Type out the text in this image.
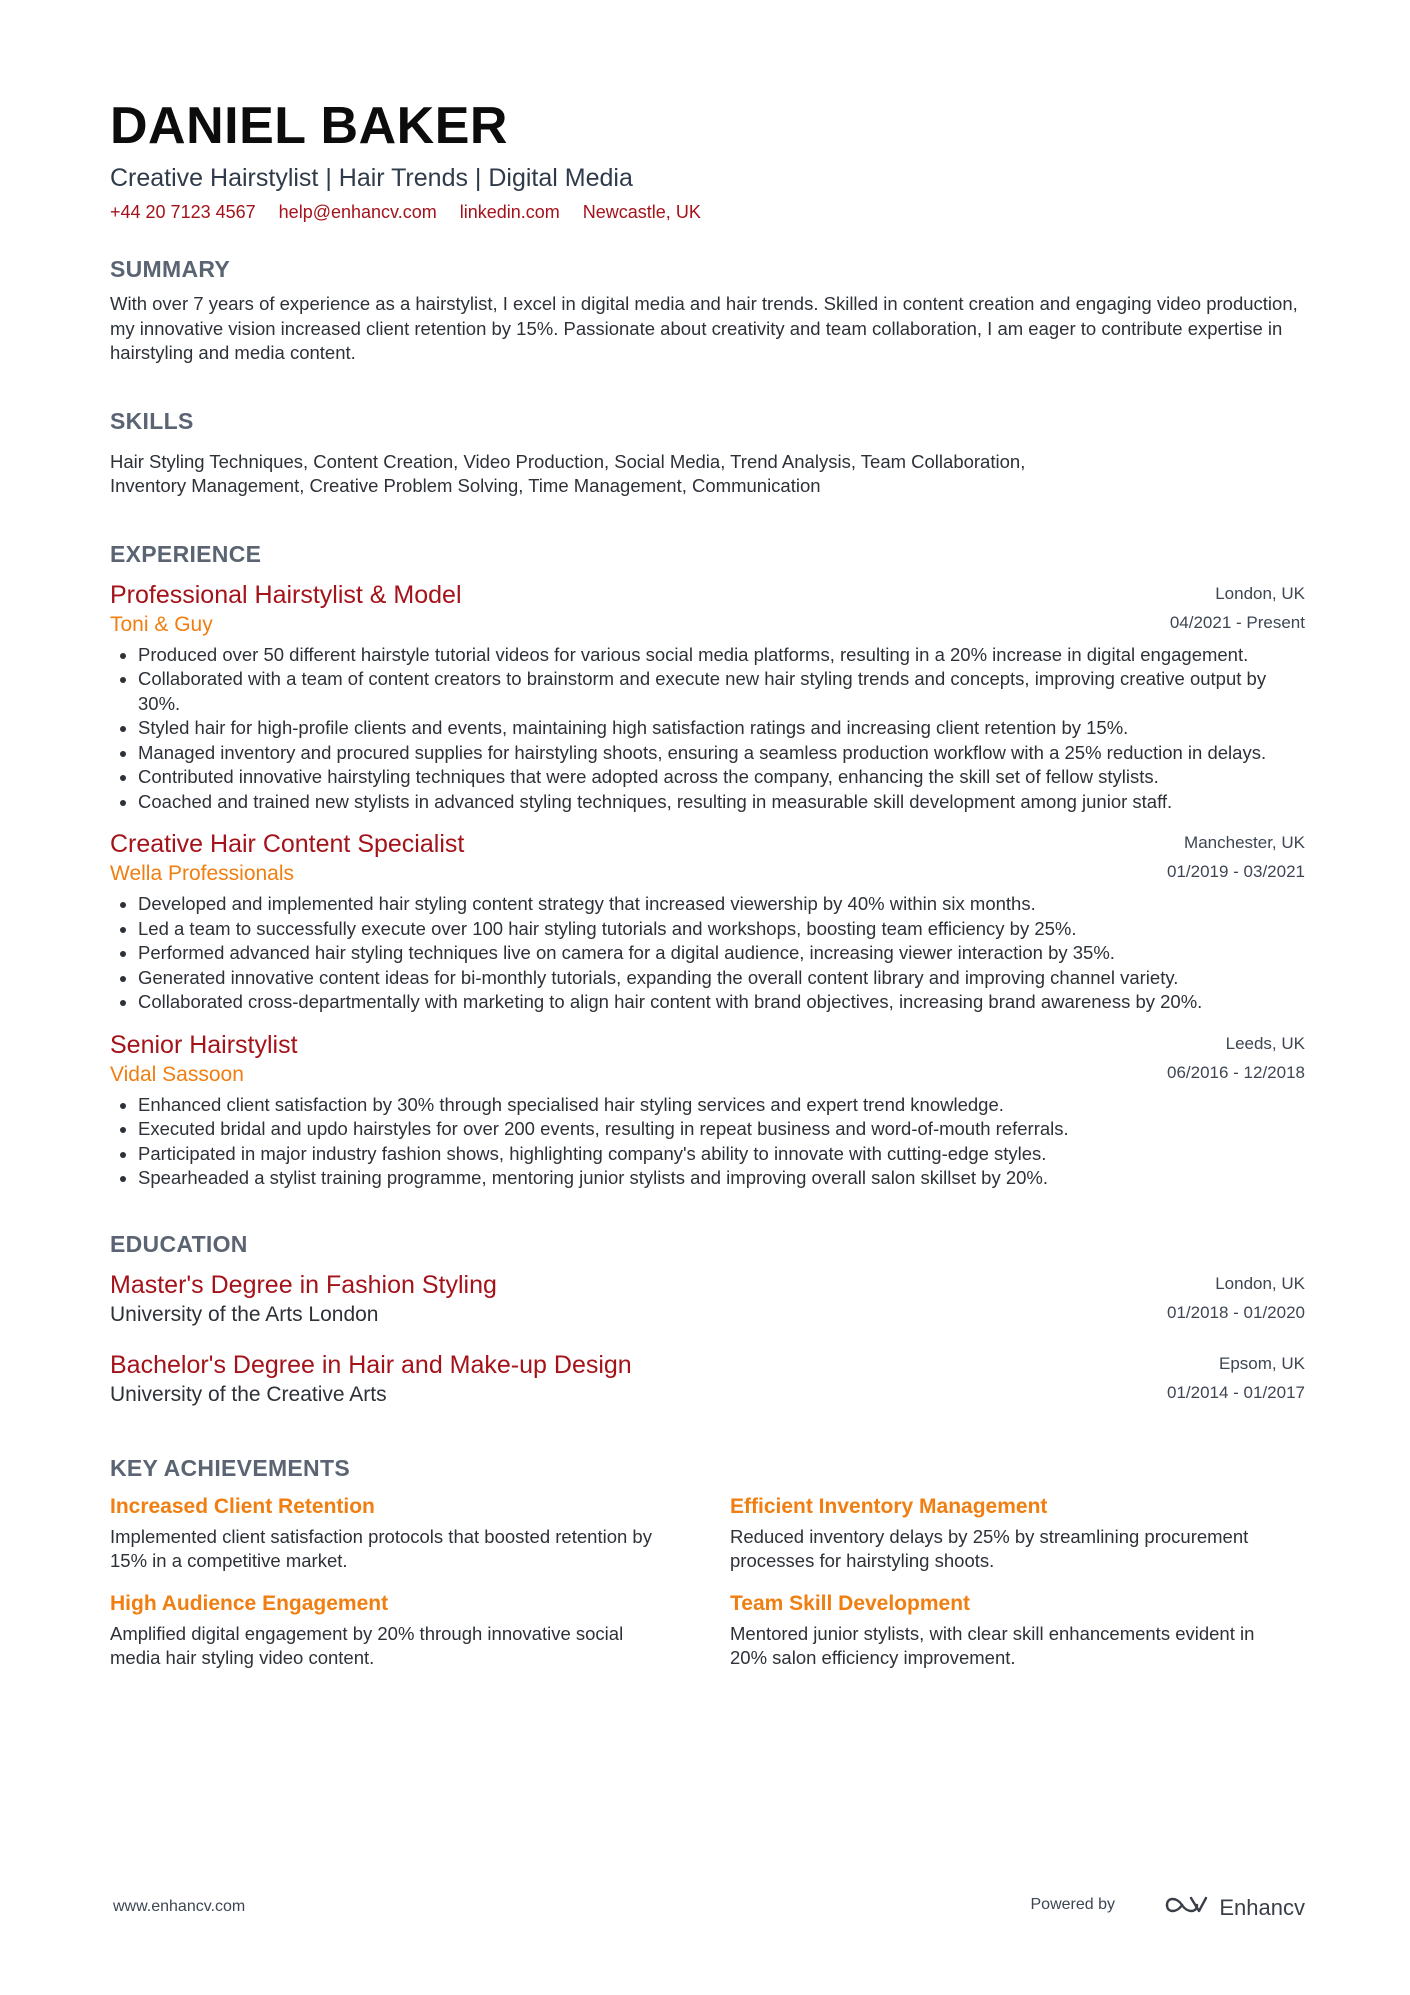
DANIEL BAKER
Creative Hairstylist | Hair Trends | Digital Media
+44 20 7123 4567 help@enhancv.com linkedin.com Newcastle, UK
SUMMARY
With over 7 years of experience as a hairstylist, I excel in digital media and hair trends. Skilled in content creation and engaging video production, my innovative vision increased client retention by 15%. Passionate about creativity and team collaboration, I am eager to contribute expertise in hairstyling and media content.
SKILLS
Hair Styling Techniques , Content Creation , Video Production , Social Media , Trend Analysis , Team Collaboration ,
Inventory Management , Creative Problem Solving , Time Management , Communication
EXPERIENCE
Professional Hairstylist & Model
Toni & Guy
London, UK
04/2021 - Present
• Produced over 50 different hairstyle tutorial videos for various social media platforms, resulting in a 20% increase in digital engagement.
• Collaborated with a team of content creators to brainstorm and execute new hair styling trends and concepts, improving creative output by 30%.
• Styled hair for high-profile clients and events, maintaining high satisfaction ratings and increasing client retention by 15%.
• Managed inventory and procured supplies for hairstyling shoots, ensuring a seamless production workflow with a 25% reduction in delays.
• Contributed innovative hairstyling techniques that were adopted across the company, enhancing the skill set of fellow stylists.
• Coached and trained new stylists in advanced styling techniques, resulting in measurable skill development among junior staff.
Creative Hair Content Specialist
Wella Professionals
Manchester, UK
01/2019 - 03/2021
• Developed and implemented hair styling content strategy that increased viewership by 40% within six months.
• Led a team to successfully execute over 100 hair styling tutorials and workshops, boosting team efficiency by 25%.
• Performed advanced hair styling techniques live on camera for a digital audience, increasing viewer interaction by 35%.
• Generated innovative content ideas for bi-monthly tutorials, expanding the overall content library and improving channel variety.
• Collaborated cross-departmentally with marketing to align hair content with brand objectives, increasing brand awareness by 20%.
Senior Hairstylist
Vidal Sassoon
Leeds, UK
06/2016 - 12/2018
• Enhanced client satisfaction by 30% through specialised hair styling services and expert trend knowledge.
• Executed bridal and updo hairstyles for over 200 events, resulting in repeat business and word-of-mouth referrals.
• Participated in major industry fashion shows, highlighting company's ability to innovate with cutting-edge styles.
• Spearheaded a stylist training programme, mentoring junior stylists and improving overall salon skillset by 20%.
EDUCATION
Master's Degree in Fashion Styling
University of the Arts London
London, UK
01/2018 - 01/2020
Bachelor's Degree in Hair and Make-up Design
University of the Creative Arts
Epsom, UK
01/2014 - 01/2017
KEY ACHIEVEMENTS
Increased Client Retention
Implemented client satisfaction protocols that boosted retention by 15% in a competitive market.
Efficient Inventory Management
Reduced inventory delays by 25% by streamlining procurement processes for hairstyling shoots.
High Audience Engagement
Amplified digital engagement by 20% through innovative social media hair styling video content.
Team Skill Development
Mentored junior stylists, with clear skill enhancements evident in 20% salon efficiency improvement.
www.enhancv.com	Powered by	Enhancv
